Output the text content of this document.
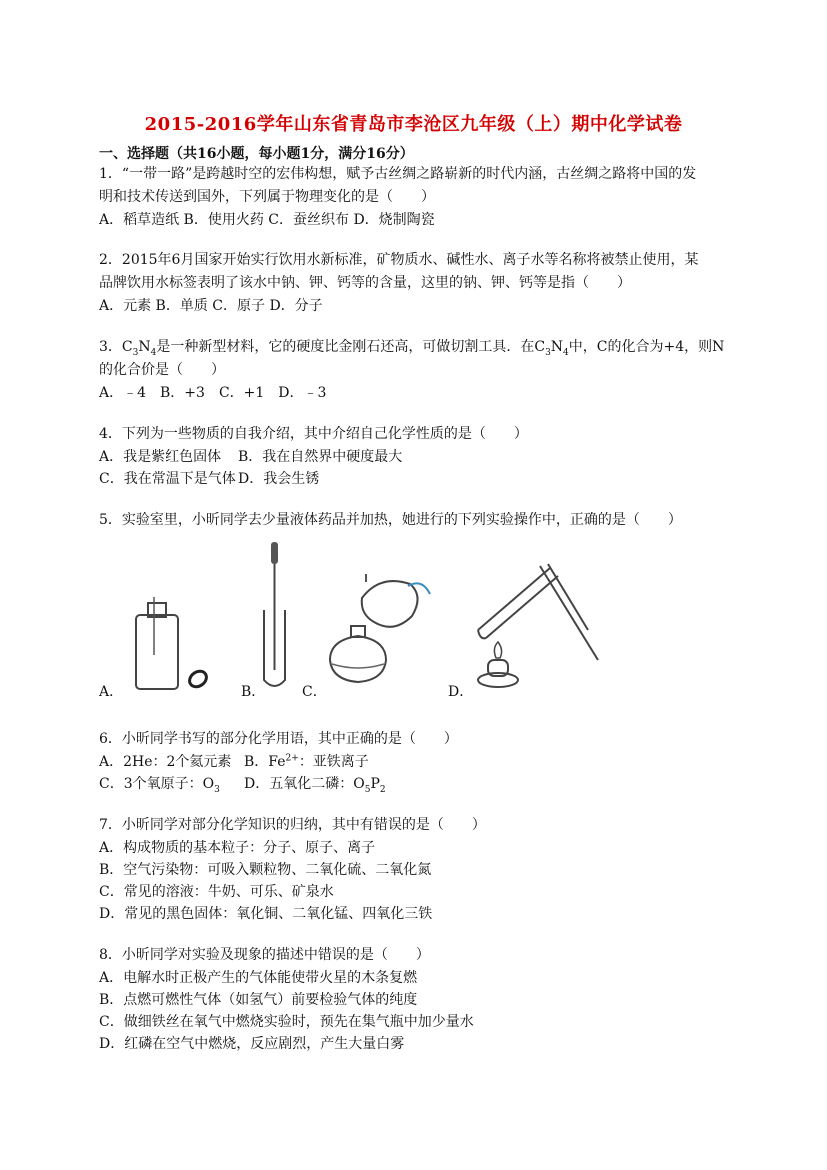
2015-2016学年山东省青岛市李沧区九年级（上）期中化学试卷
一、选择题（共16小题，每小题1分，满分16分）
1．“一带一路”是跨越时空的宏伟构想，赋予古丝绸之路崭新的时代内涵，古丝绸之路将中国的发
明和技术传送到国外，下列属于物理变化的是（　　）
A．稻草造纸 B．使用火药 C．蚕丝织布 D．烧制陶瓷
2．2015年6月国家开始实行饮用水新标准，矿物质水、碱性水、离子水等名称将被禁止使用，某
品牌饮用水标签表明了该水中钠、钾、钙等的含量，这里的钠、钾、钙等是指（　　）
A．元素 B．单质 C．原子 D．分子
3．$C_3N_4$是一种新型材料，它的硬度比金刚石还高，可做切割工具．在$C_3N_4$中，C的化合为+4，则N
的化合价是（　　）
A．﹣4　B．+3　C．+1　D．﹣3
4．下列为一些物质的自我介绍，其中介绍自己化学性质的是（　　）
A．我是紫红色固体 B．我在自然界中硬度最大
C．我在常温下是气体 D．我会生锈
5．实验室里，小昕同学去少量液体药品并加热，她进行的下列实验操作中，正确的是（　　）
A．	B．	C．	D．
6．小昕同学书写的部分化学用语，其中正确的是（　　）
A．2He：2个氦元素 B．$Fe^{2+}$：亚铁离子
C．3个氧原子：$O_3$ D．五氧化二磷：$O_5P_2$
7．小昕同学对部分化学知识的归纳，其中有错误的是（　　）
A．构成物质的基本粒子：分子、原子、离子
B．空气污染物：可吸入颗粒物、二氧化硫、二氧化氮
C．常见的溶液：牛奶、可乐、矿泉水
D．常见的黑色固体：氧化铜、二氧化锰、四氧化三铁
8．小昕同学对实验及现象的描述中错误的是（　　）
A．电解水时正极产生的气体能使带火星的木条复燃
B．点燃可燃性气体（如氢气）前要检验气体的纯度
C．做细铁丝在氧气中燃烧实验时，预先在集气瓶中加少量水
D．红磷在空气中燃烧，反应剧烈，产生大量白雾
